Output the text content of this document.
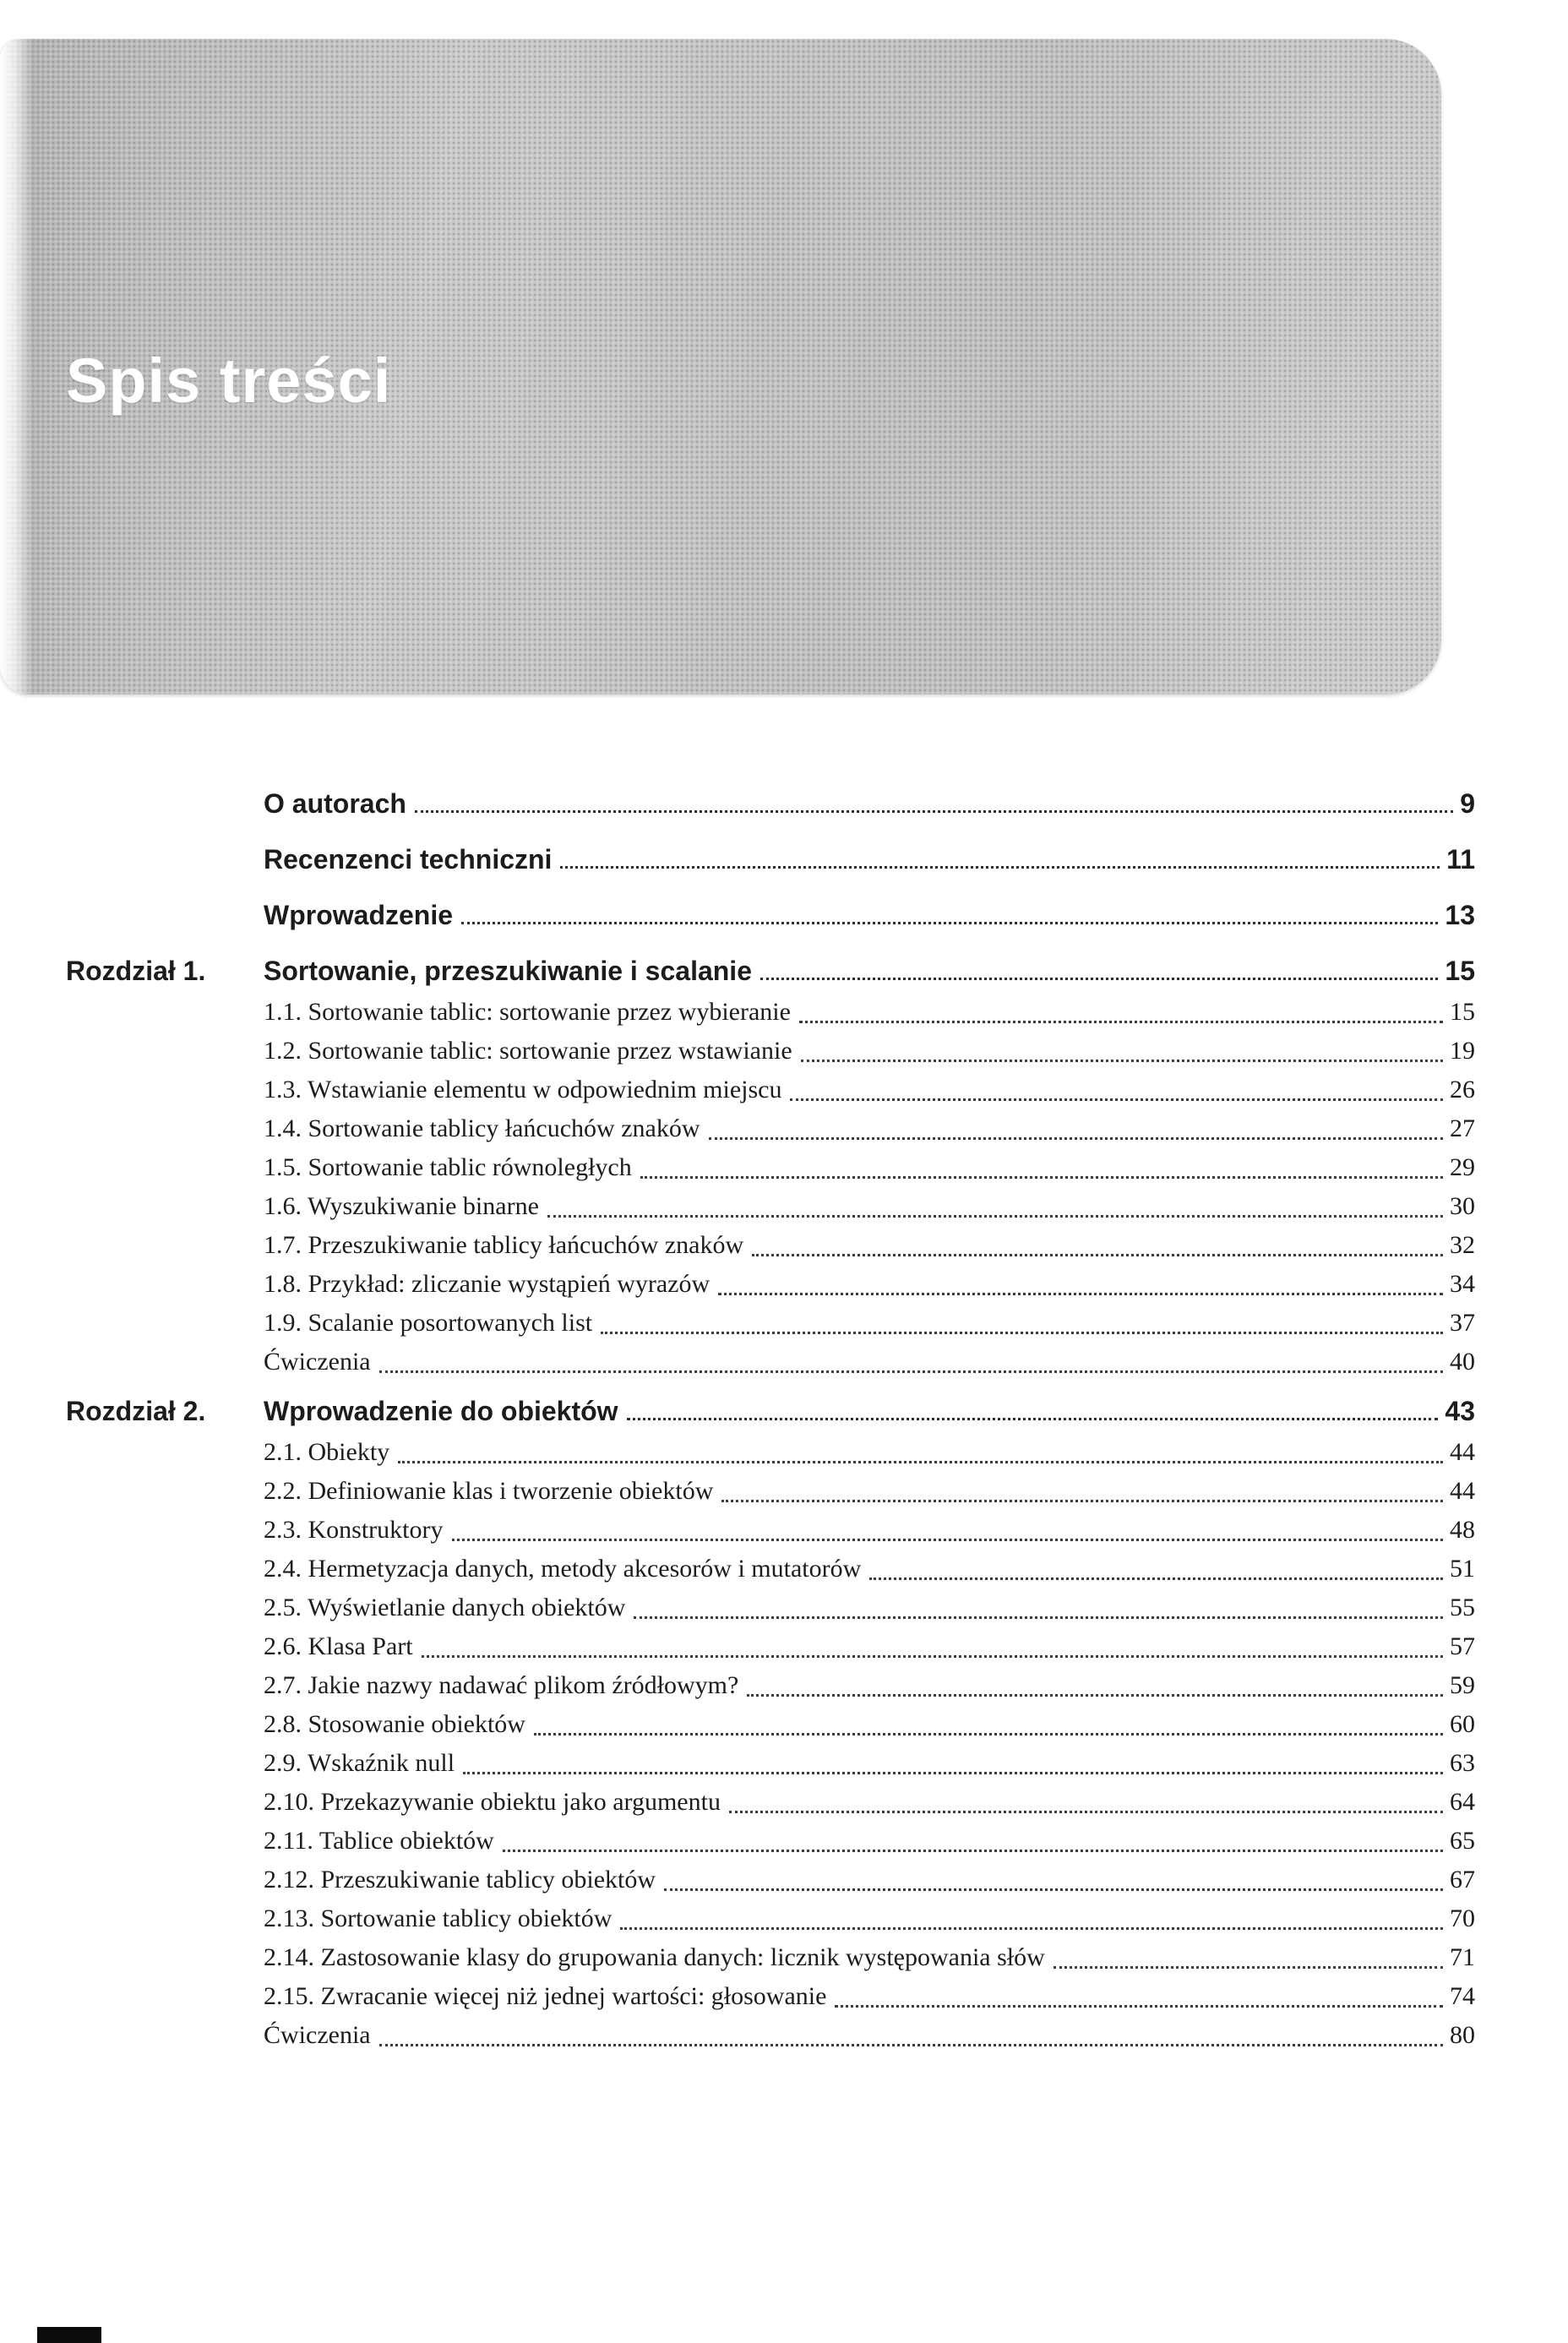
Spis treści
O autorach	9
Recenzenci techniczni	11
Wprowadzenie	13
Rozdział 1. Sortowanie, przeszukiwanie i scalanie	15
1.1. Sortowanie tablic: sortowanie przez wybieranie	15
1.2. Sortowanie tablic: sortowanie przez wstawianie	19
1.3. Wstawianie elementu w odpowiednim miejscu	26
1.4. Sortowanie tablicy łańcuchów znaków	27
1.5. Sortowanie tablic równoległych	29
1.6. Wyszukiwanie binarne	30
1.7. Przeszukiwanie tablicy łańcuchów znaków	32
1.8. Przykład: zliczanie wystąpień wyrazów	34
1.9. Scalanie posortowanych list	37
Ćwiczenia	40
Rozdział 2. Wprowadzenie do obiektów	43
2.1. Obiekty	44
2.2. Definiowanie klas i tworzenie obiektów	44
2.3. Konstruktory	48
2.4. Hermetyzacja danych, metody akcesorów i mutatorów	51
2.5. Wyświetlanie danych obiektów	55
2.6. Klasa Part	57
2.7. Jakie nazwy nadawać plikom źródłowym?	59
2.8. Stosowanie obiektów	60
2.9. Wskaźnik null	63
2.10. Przekazywanie obiektu jako argumentu	64
2.11. Tablice obiektów	65
2.12. Przeszukiwanie tablicy obiektów	67
2.13. Sortowanie tablicy obiektów	70
2.14. Zastosowanie klasy do grupowania danych: licznik występowania słów	71
2.15. Zwracanie więcej niż jednej wartości: głosowanie	74
Ćwiczenia	80
